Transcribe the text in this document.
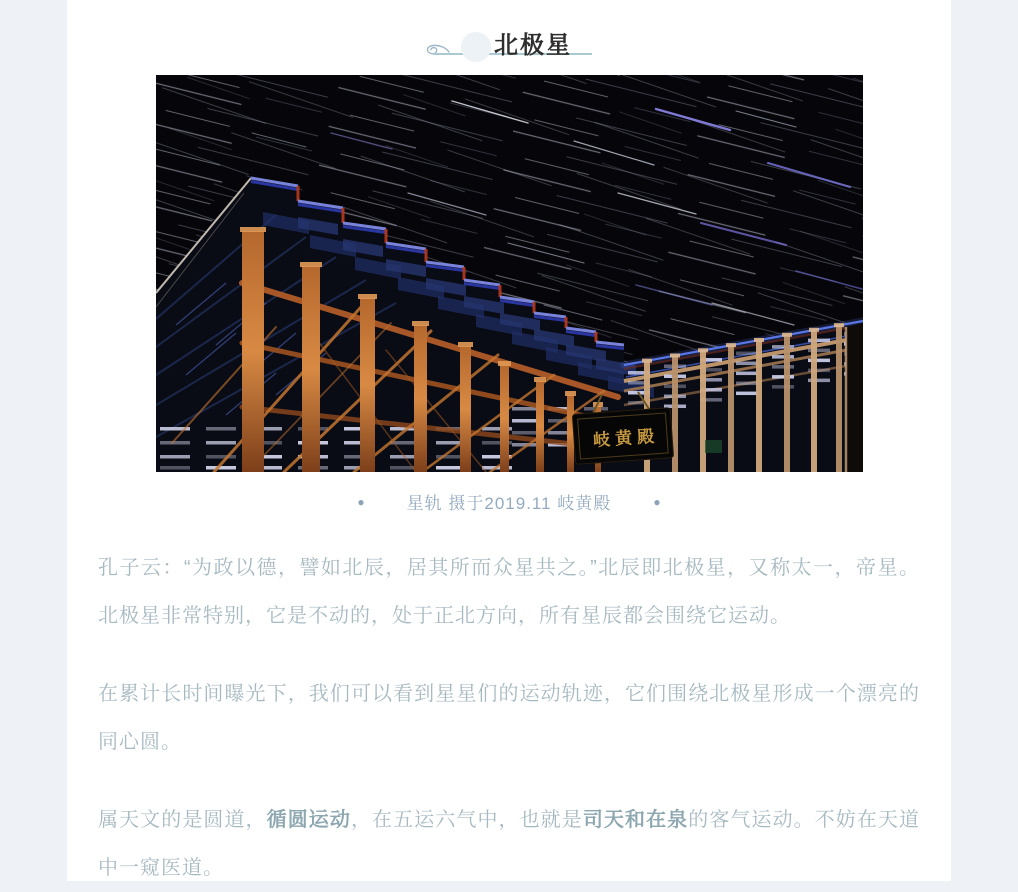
北极星
岐黄殿
● 星轨 摄于2019.11 岐黄殿	●

孔子云：“为政以德，譬如北辰，居其所而众星共之。”北辰即北极星，又称太一，帝星。北极星非常特别，它是不动的，处于正北方向，所有星辰都会围绕它运动。

在累计长时间曝光下，我们可以看到星星们的运动轨迹，它们围绕北极星形成一个漂亮的同心圆。

属天文的是圆道，循圆运动，在五运六气中，也就是司天和在泉的客气运动。不妨在天道中一窥医道。
